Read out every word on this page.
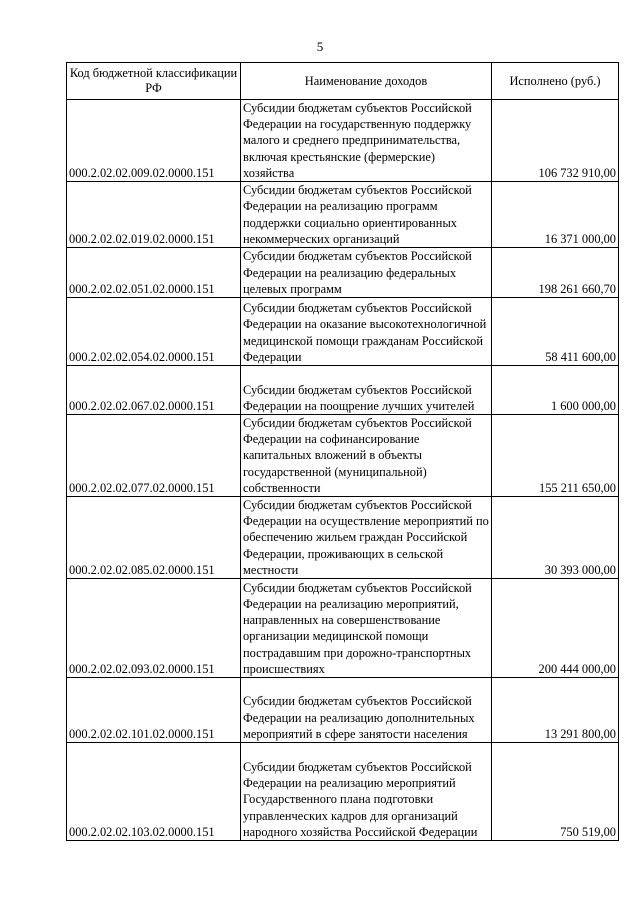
5
Код бюджетной классификации РФ	Наименование доходов	Исполнено (руб.)
000.2.02.02.009.02.0000.151	Субсидии бюджетам субъектов Российской Федерации на государственную поддержку малого и среднего предпринимательства, включая крестьянские (фермерские) хозяйства	106 732 910,00
000.2.02.02.019.02.0000.151	Субсидии бюджетам субъектов Российской Федерации на реализацию программ поддержки социально ориентированных некоммерческих организаций	16 371 000,00
000.2.02.02.051.02.0000.151	Субсидии бюджетам субъектов Российской Федерации на реализацию федеральных целевых программ	198 261 660,70
000.2.02.02.054.02.0000.151	Субсидии бюджетам субъектов Российской Федерации на оказание высокотехнологичной медицинской помощи гражданам Российской Федерации	58 411 600,00
000.2.02.02.067.02.0000.151	Субсидии бюджетам субъектов Российской Федерации на поощрение лучших учителей	1 600 000,00
000.2.02.02.077.02.0000.151	Субсидии бюджетам субъектов Российской Федерации на софинансирование капитальных вложений в объекты государственной (муниципальной) собственности	155 211 650,00
000.2.02.02.085.02.0000.151	Субсидии бюджетам субъектов Российской Федерации на осуществление мероприятий по обеспечению жильем граждан Российской Федерации, проживающих в сельской местности	30 393 000,00
000.2.02.02.093.02.0000.151	Субсидии бюджетам субъектов Российской Федерации на реализацию мероприятий, направленных на совершенствование организации медицинской помощи пострадавшим при дорожно-транспортных происшествиях	200 444 000,00
000.2.02.02.101.02.0000.151	Субсидии бюджетам субъектов Российской Федерации на реализацию дополнительных мероприятий в сфере занятости населения	13 291 800,00
000.2.02.02.103.02.0000.151	Субсидии бюджетам субъектов Российской Федерации на реализацию мероприятий Государственного плана подготовки управленческих кадров для организаций народного хозяйства Российской Федерации	750 519,00
